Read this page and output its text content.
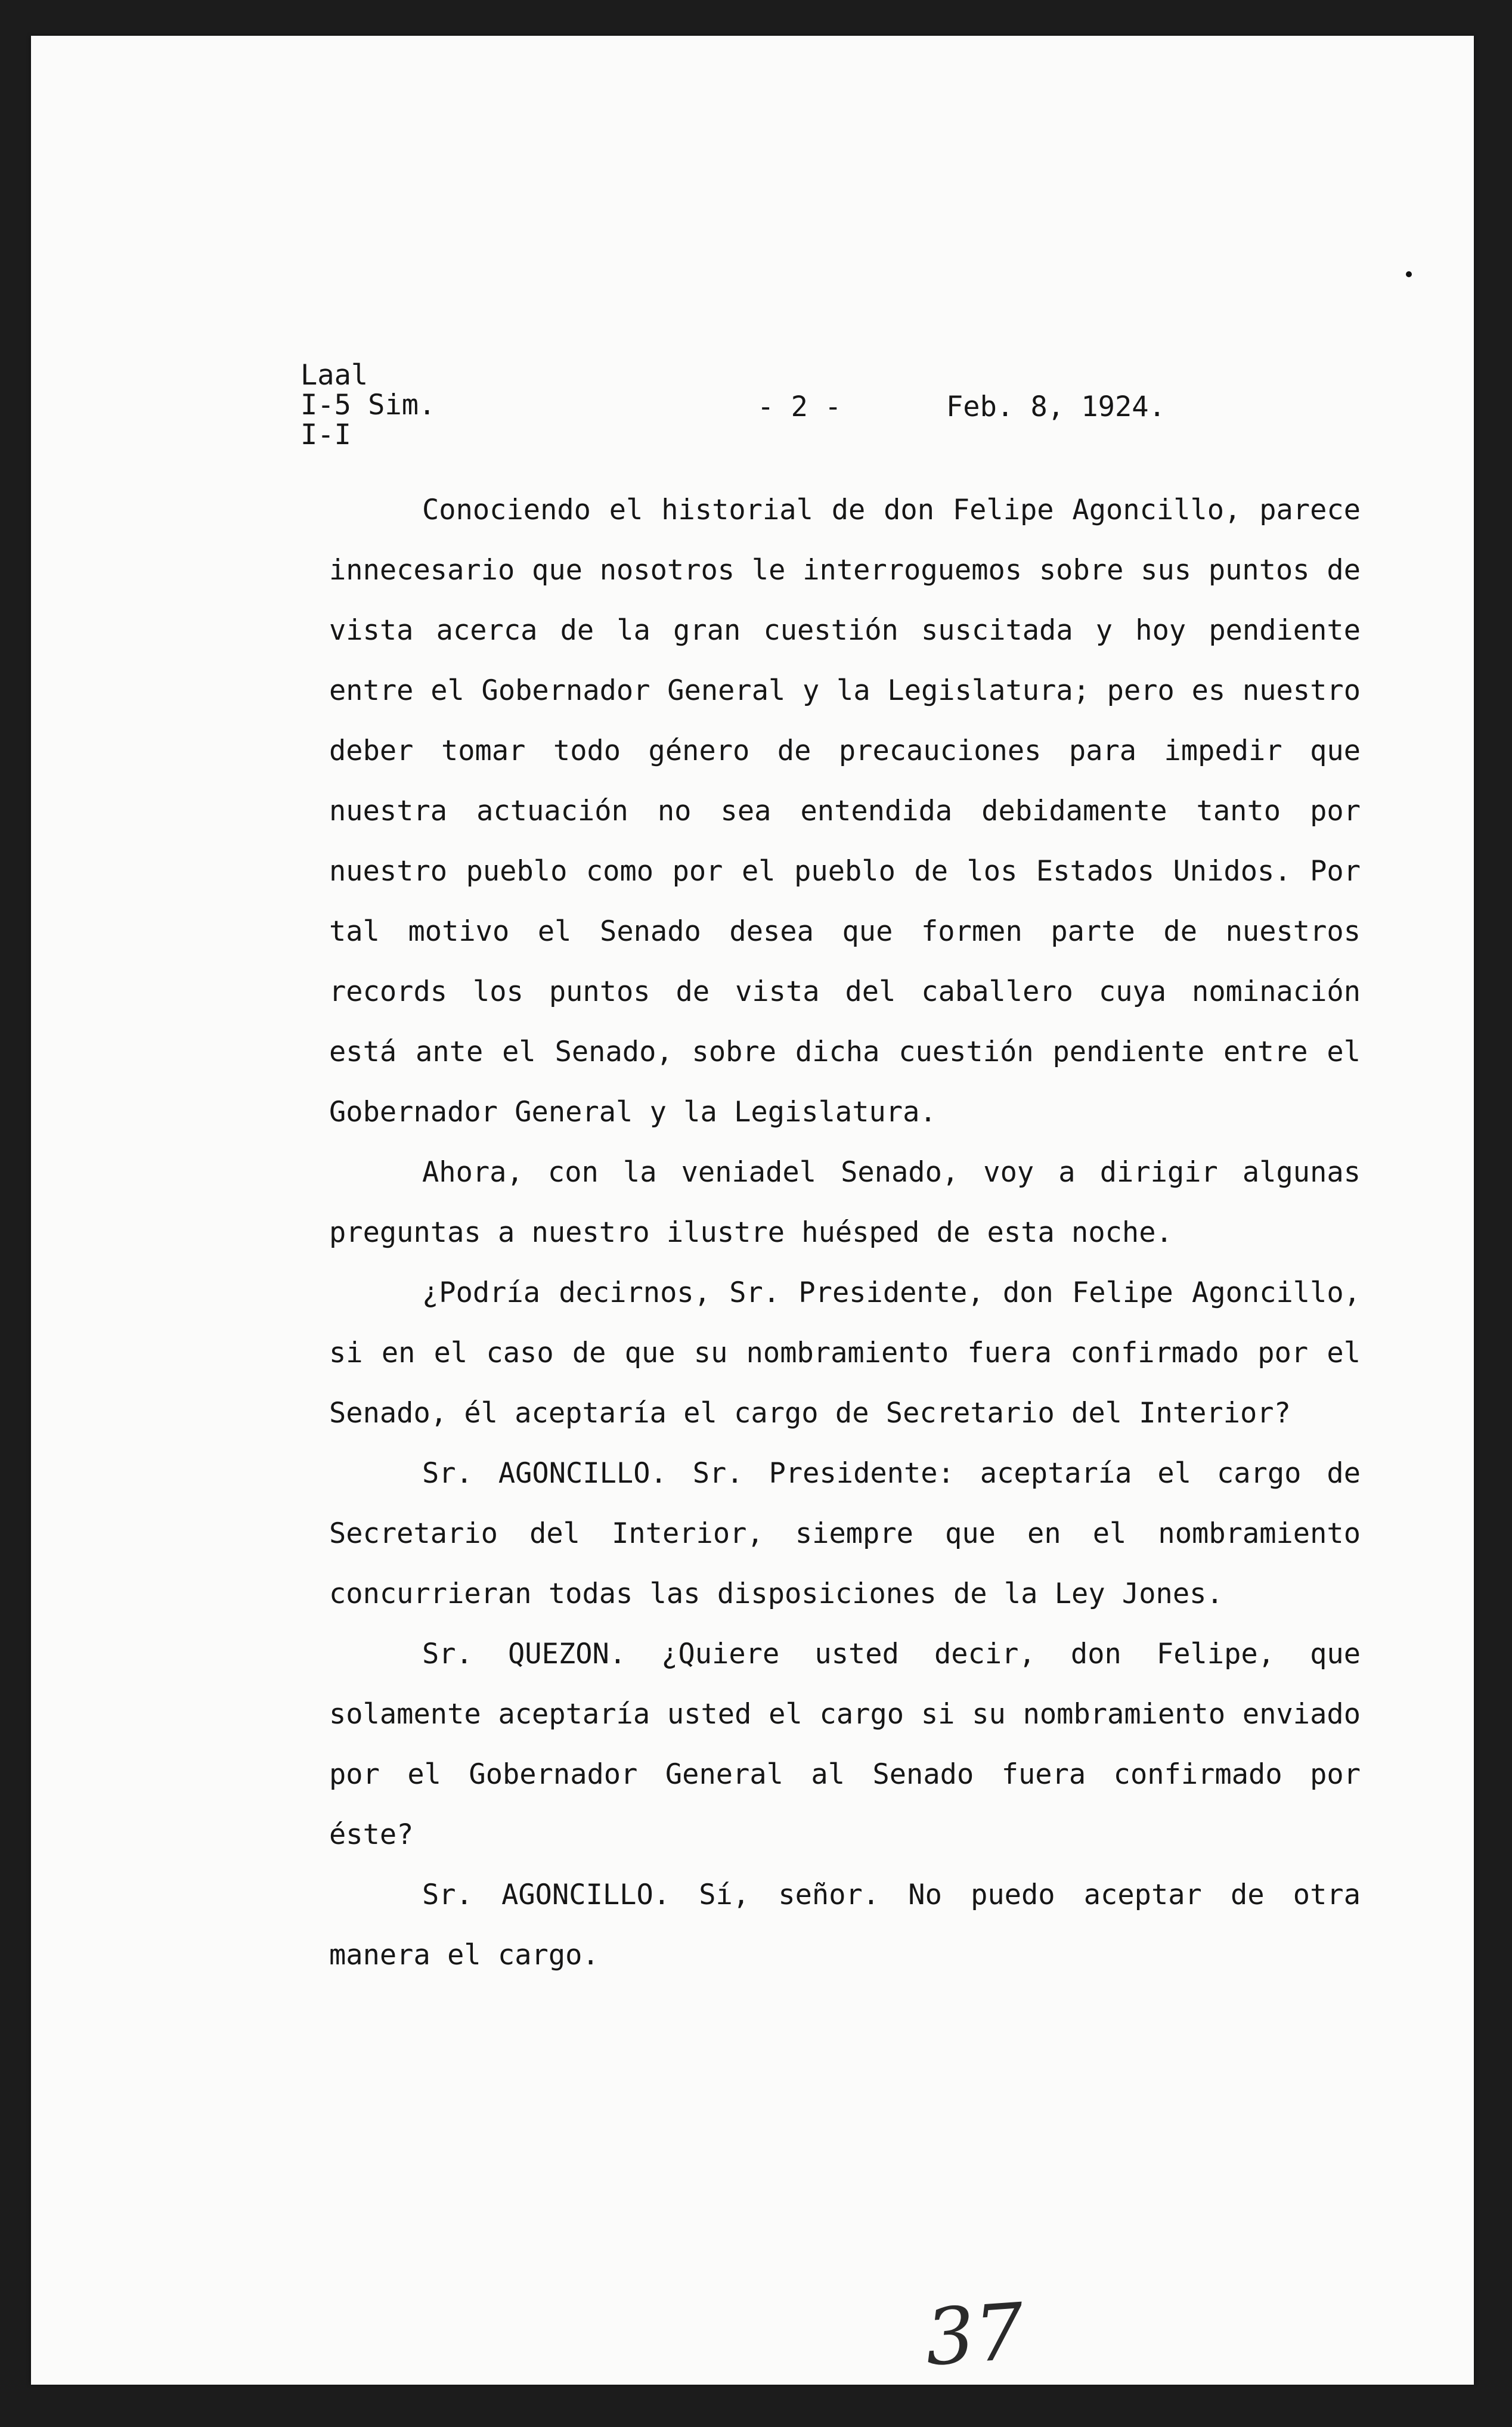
Laal
I-5 Sim.
I-I
- 2 -	Feb. 8, 1924.

Conociendo el historial de don Felipe Agoncillo, parece innecesario que nosotros le interroguemos sobre sus puntos de vista acerca de la gran cuestión suscitada y hoy pendiente entre el Gobernador General y la Legislatura; pero es nuestro deber tomar todo género de precauciones para impedir que nuestra actuación no sea entendida debidamente tanto por nuestro pueblo como por el pueblo de los Estados Unidos. Por tal motivo el Senado desea que formen parte de nuestros records los puntos de vista del caballero cuya nominación está ante el Senado, sobre dicha cuestión pendiente entre el Gobernador General y la Legislatura.

Ahora, con la veniadel Senado, voy a dirigir algunas preguntas a nuestro ilustre huésped de esta noche.

¿Podría decirnos, Sr. Presidente, don Felipe Agoncillo, si en el caso de que su nombramiento fuera confirmado por el Senado, él aceptaría el cargo de Secretario del Interior?

Sr. AGONCILLO. Sr. Presidente: aceptaría el cargo de Secretario del Interior, siempre que en el nombramiento concurrieran todas las disposiciones de la Ley Jones.

Sr. QUEZON. ¿Quiere usted decir, don Felipe, que solamente aceptaría usted el cargo si su nombramiento enviado por el Gobernador General al Senado fuera confirmado por éste?

Sr. AGONCILLO. Sí, señor. No puedo aceptar de otra manera el cargo.

37
